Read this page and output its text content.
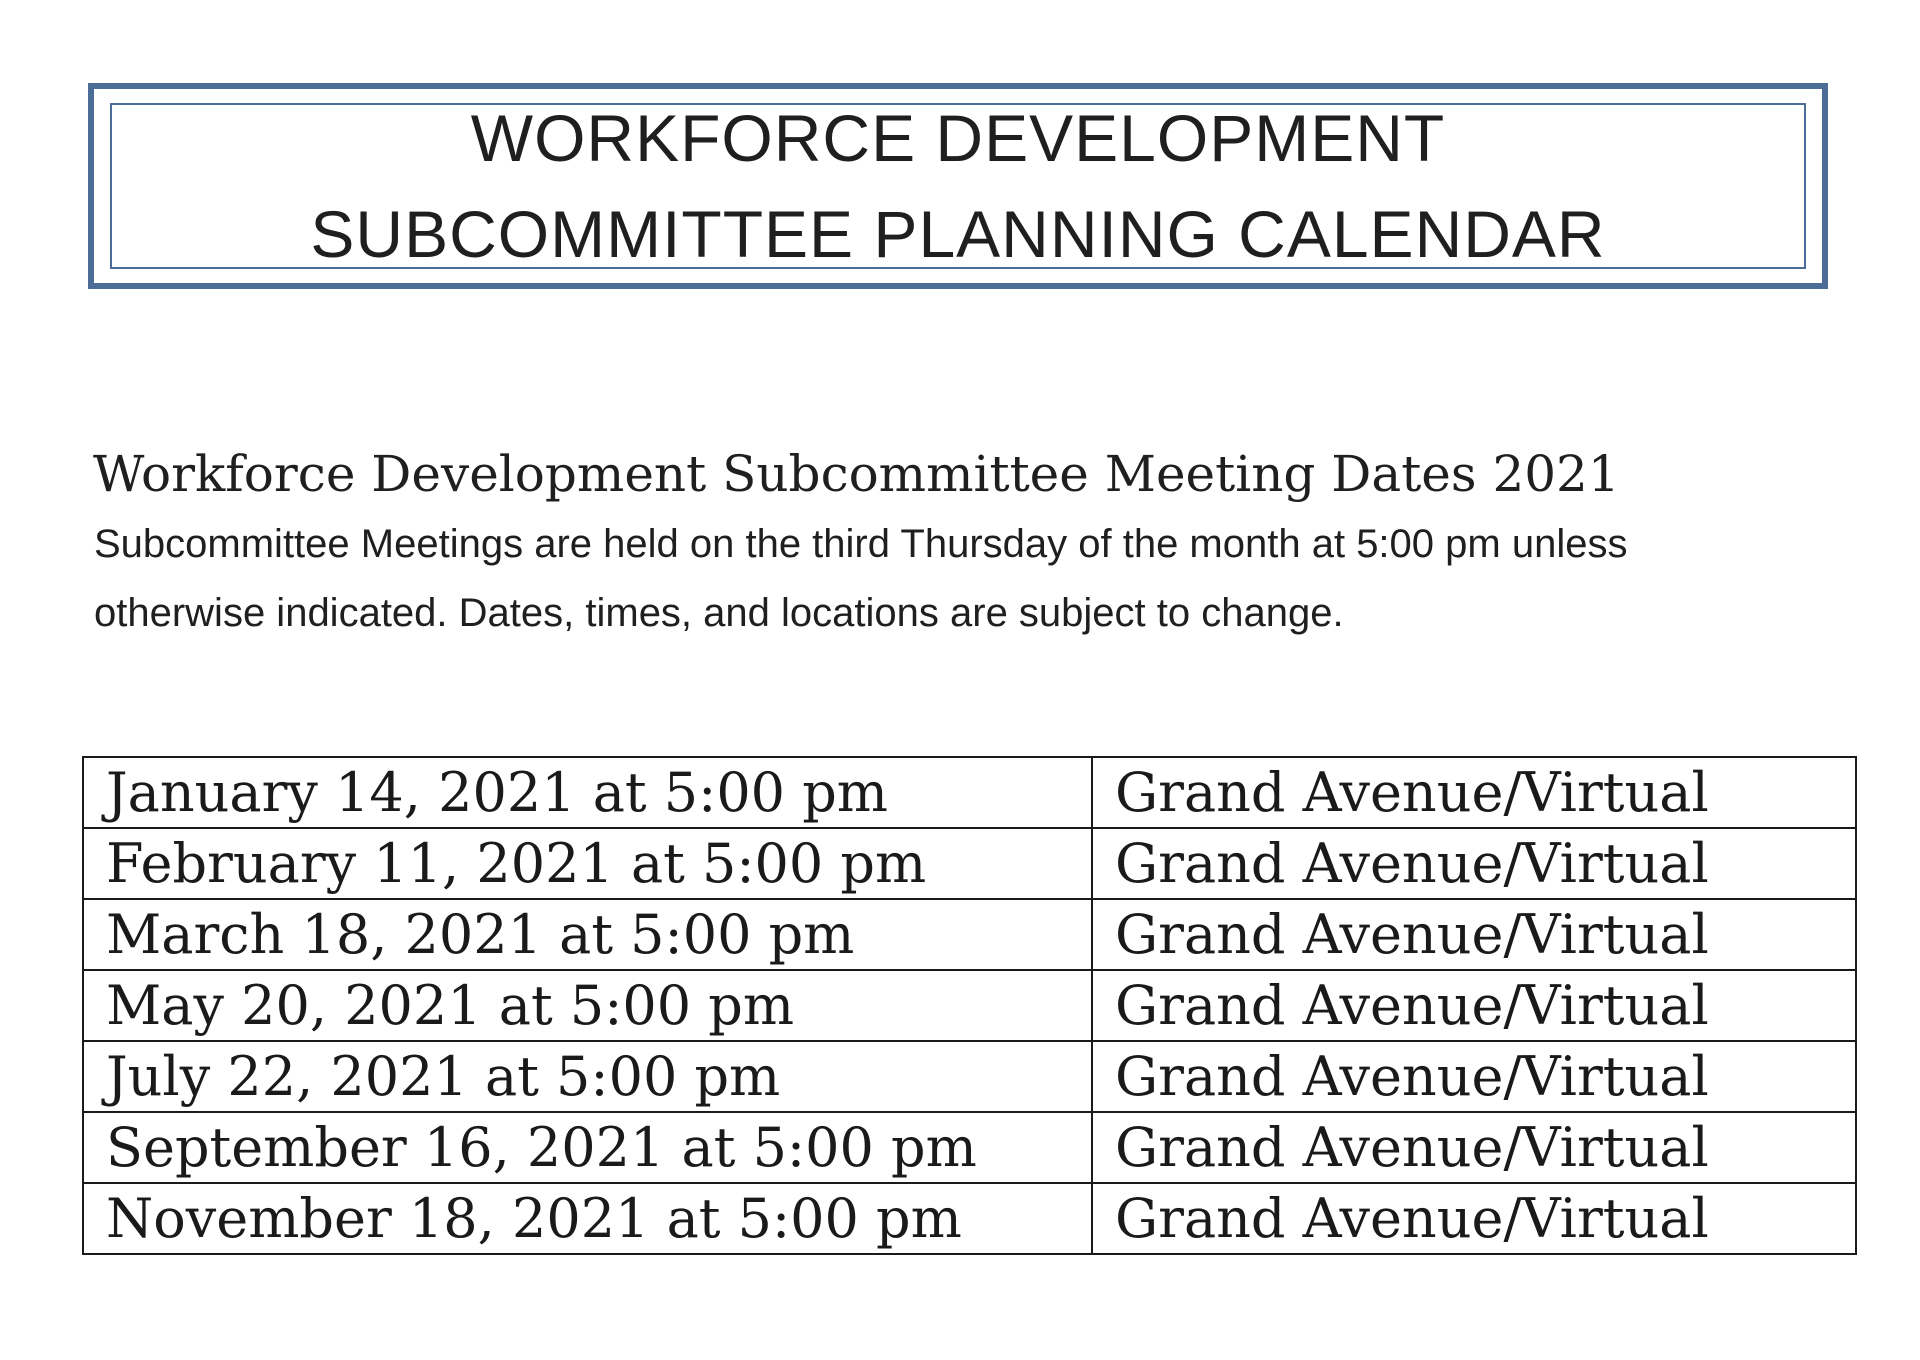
WORKFORCE DEVELOPMENT
SUBCOMMITTEE PLANNING CALENDAR
Workforce Development Subcommittee Meeting Dates 2021
Subcommittee Meetings are held on the third Thursday of the month at 5:00 pm unless
otherwise indicated. Dates, times, and locations are subject to change.
January 14, 2021 at 5:00 pm	Grand Avenue/Virtual
February 11, 2021 at 5:00 pm	Grand Avenue/Virtual
March 18, 2021 at 5:00 pm	Grand Avenue/Virtual
May 20, 2021 at 5:00 pm	Grand Avenue/Virtual
July 22, 2021 at 5:00 pm	Grand Avenue/Virtual
September 16, 2021 at 5:00 pm	Grand Avenue/Virtual
November 18, 2021 at 5:00 pm	Grand Avenue/Virtual
